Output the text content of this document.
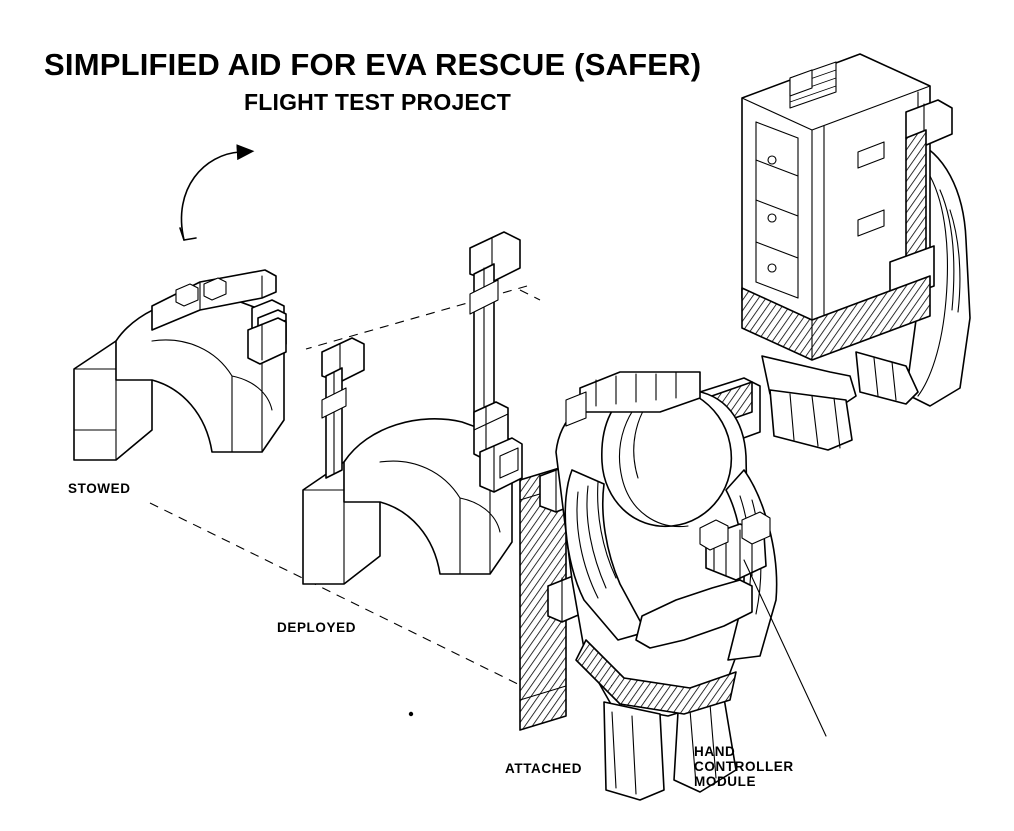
SIMPLIFIED AID FOR EVA RESCUE (SAFER)
FLIGHT TEST PROJECT
STOWED
DEPLOYED
ATTACHED
HAND
CONTROLLER
MODULE
